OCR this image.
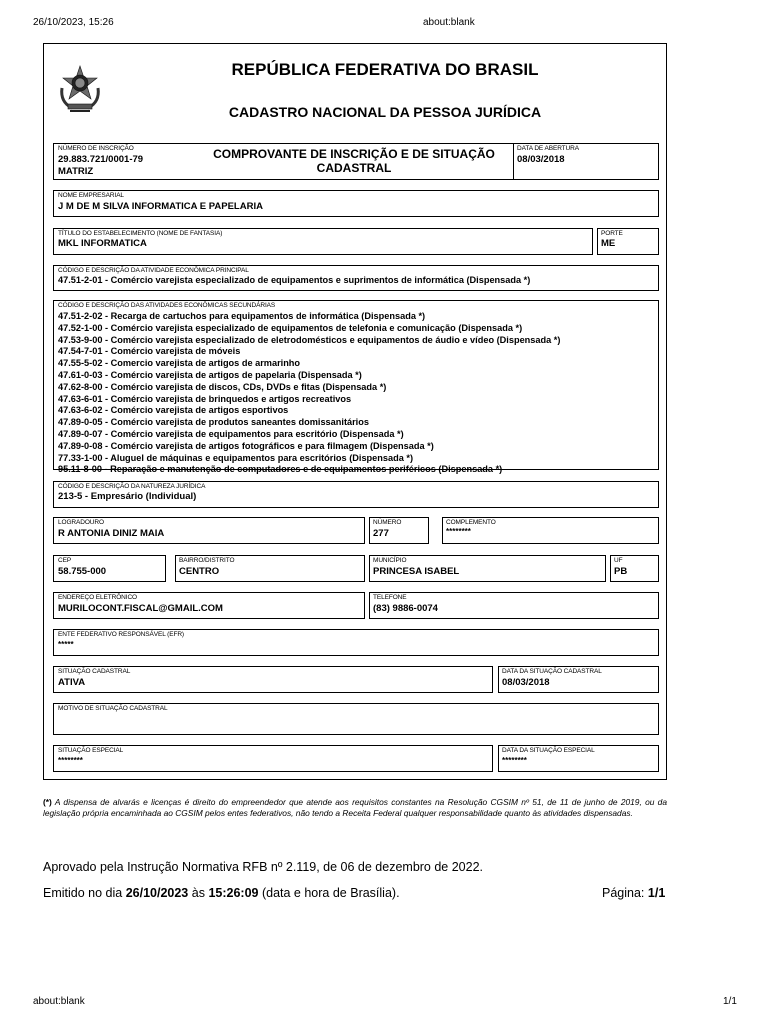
26/10/2023, 15:26	about:blank
REPÚBLICA FEDERATIVA DO BRASIL
CADASTRO NACIONAL DA PESSOA JURÍDICA
NÚMERO DE INSCRIÇÃO
29.883.721/0001-79
MATRIZ
COMPROVANTE DE INSCRIÇÃO E DE SITUAÇÃO CADASTRAL
DATA DE ABERTURA
08/03/2018
NOME EMPRESARIAL
J M DE M SILVA INFORMATICA E PAPELARIA
TÍTULO DO ESTABELECIMENTO (NOME DE FANTASIA)
MKL INFORMATICA
PORTE
ME
CÓDIGO E DESCRIÇÃO DA ATIVIDADE ECONÔMICA PRINCIPAL
47.51-2-01 - Comércio varejista especializado de equipamentos e suprimentos de informática (Dispensada *)
CÓDIGO E DESCRIÇÃO DAS ATIVIDADES ECONÔMICAS SECUNDÁRIAS
47.51-2-02 - Recarga de cartuchos para equipamentos de informática (Dispensada *)
47.52-1-00 - Comércio varejista especializado de equipamentos de telefonia e comunicação (Dispensada *)
47.53-9-00 - Comércio varejista especializado de eletrodomésticos e equipamentos de áudio e vídeo (Dispensada *)
47.54-7-01 - Comércio varejista de móveis
47.55-5-02 - Comercio varejista de artigos de armarinho
47.61-0-03 - Comércio varejista de artigos de papelaria (Dispensada *)
47.62-8-00 - Comércio varejista de discos, CDs, DVDs e fitas (Dispensada *)
47.63-6-01 - Comércio varejista de brinquedos e artigos recreativos
47.63-6-02 - Comércio varejista de artigos esportivos
47.89-0-05 - Comércio varejista de produtos saneantes domissanitários
47.89-0-07 - Comércio varejista de equipamentos para escritório (Dispensada *)
47.89-0-08 - Comércio varejista de artigos fotográficos e para filmagem (Dispensada *)
77.33-1-00 - Aluguel de máquinas e equipamentos para escritórios (Dispensada *)
95.11-8-00 - Reparação e manutenção de computadores e de equipamentos periféricos (Dispensada *)
CÓDIGO E DESCRIÇÃO DA NATUREZA JURÍDICA
213-5 - Empresário (Individual)
LOGRADOURO
R ANTONIA DINIZ MAIA
NÚMERO
277
COMPLEMENTO
********
CEP
58.755-000
BAIRRO/DISTRITO
CENTRO
MUNICÍPIO
PRINCESA ISABEL
UF
PB
ENDEREÇO ELETRÔNICO
MURILOCONT.FISCAL@GMAIL.COM
TELEFONE
(83) 9886-0074
ENTE FEDERATIVO RESPONSÁVEL (EFR)
*****
SITUAÇÃO CADASTRAL
ATIVA
DATA DA SITUAÇÃO CADASTRAL
08/03/2018
MOTIVO DE SITUAÇÃO CADASTRAL
SITUAÇÃO ESPECIAL
********
DATA DA SITUAÇÃO ESPECIAL
********
(*) A dispensa de alvarás e licenças é direito do empreendedor que atende aos requisitos constantes na Resolução CGSIM nº 51, de 11 de junho de 2019, ou da legislação própria encaminhada ao CGSIM pelos entes federativos, não tendo a Receita Federal qualquer responsabilidade quanto às atividades dispensadas.
Aprovado pela Instrução Normativa RFB nº 2.119, de 06 de dezembro de 2022.
Emitido no dia 26/10/2023 às 15:26:09 (data e hora de Brasília).	Página: 1/1
about:blank	1/1
